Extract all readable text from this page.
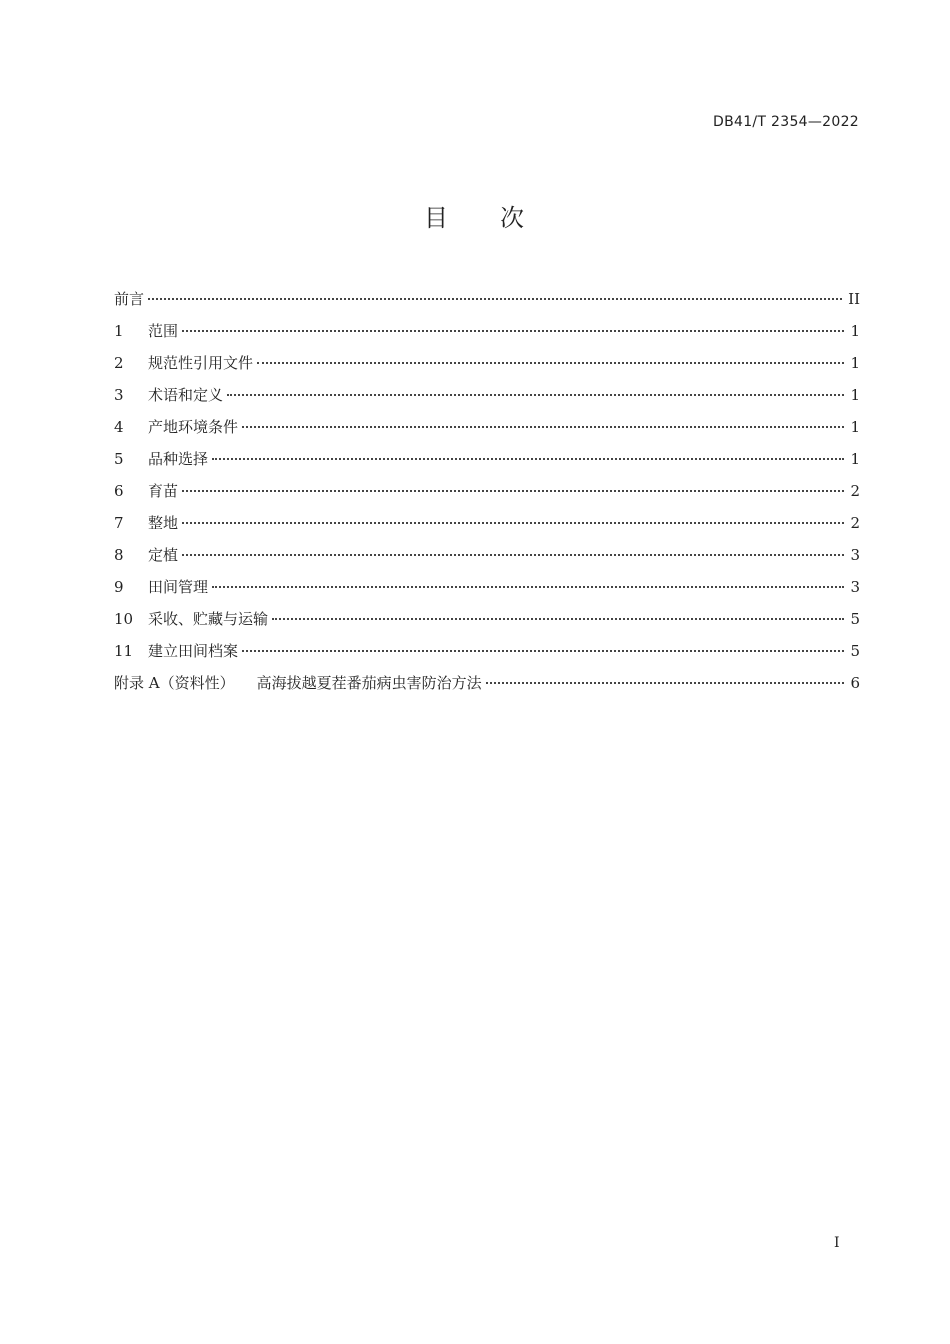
DB41/T 2354—2022
目 次
前言	II
1	范围	1
2	规范性引用文件	1
3	术语和定义	1
4	产地环境条件	1
5	品种选择	1
6	育苗	2
7	整地	2
8	定植	3
9	田间管理	3
10 采收、贮藏与运输	5
11 建立田间档案	5
附录 A（资料性） 高海拔越夏茬番茄病虫害防治方法	6
I
